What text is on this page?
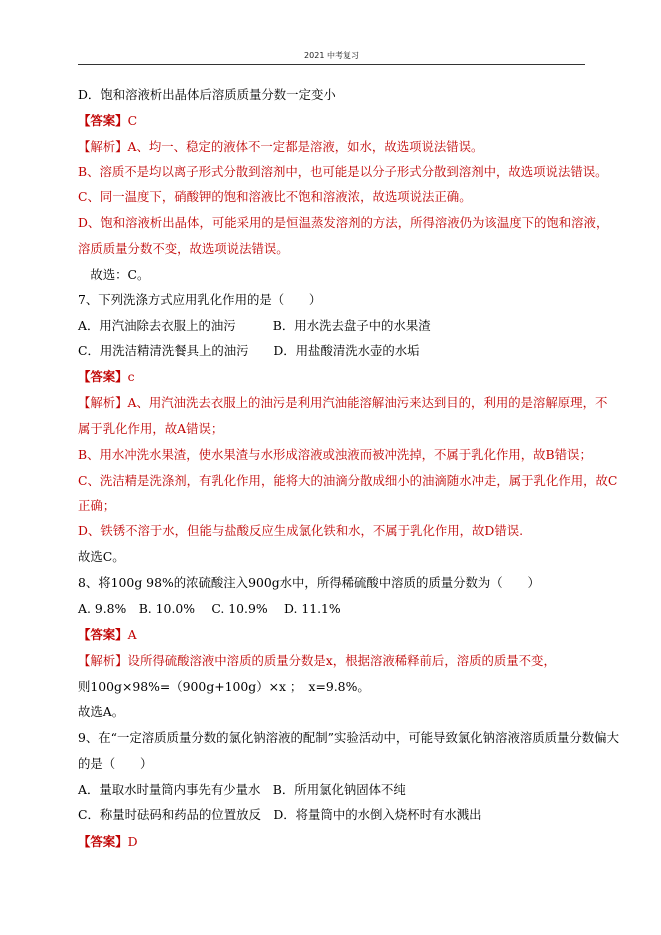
2021 中考复习
D．饱和溶液析出晶体后溶质质量分数一定变小
【答案】C
【解析】A、均一、稳定的液体不一定都是溶液，如水，故选项说法错误。
B、溶质不是均以离子形式分散到溶剂中，也可能是以分子形式分散到溶剂中，故选项说法错误。
C、同一温度下，硝酸钾的饱和溶液比不饱和溶液浓，故选项说法正确。
D、饱和溶液析出晶体，可能采用的是恒温蒸发溶剂的方法，所得溶液仍为该温度下的饱和溶液，
溶质质量分数不变，故选项说法错误。
　故选：C。
7、下列洗涤方式应用乳化作用的是（　　）
A．用汽油除去衣服上的油污　　　B．用水洗去盘子中的水果渣
C．用洗洁精清洗餐具上的油污　　D．用盐酸清洗水壶的水垢
【答案】c
【解析】A、用汽油洗去衣服上的油污是利用汽油能溶解油污来达到目的，利用的是溶解原理，不
属于乳化作用，故A错误；
B、用水冲洗水果渣，使水果渣与水形成溶液或浊液而被冲洗掉，不属于乳化作用，故B错误；
C、洗洁精是洗涤剂，有乳化作用，能将大的油滴分散成细小的油滴随水冲走，属于乳化作用，故C
正确；
D、铁锈不溶于水，但能与盐酸反应生成氯化铁和水，不属于乳化作用，故D错误.
故选C。
8、将100g 98%的浓硫酸注入900g水中，所得稀硫酸中溶质的质量分数为（　　）
A. 9.8%　B. 10.0%　 C. 10.9%　 D. 11.1%
【答案】A
【解析】设所得硫酸溶液中溶质的质量分数是x，根据溶液稀释前后，溶质的质量不变，
则100g×98%=（900g+100g）×x ；　x=9.8%。
故选A。
9、在“一定溶质质量分数的氯化钠溶液的配制”实验活动中，可能导致氯化钠溶液溶质质量分数偏大
的是（　　）
A．量取水时量筒内事先有少量水　B．所用氯化钠固体不纯
C．称量时砝码和药品的位置放反　D．将量筒中的水倒入烧杯时有水溅出
【答案】D
